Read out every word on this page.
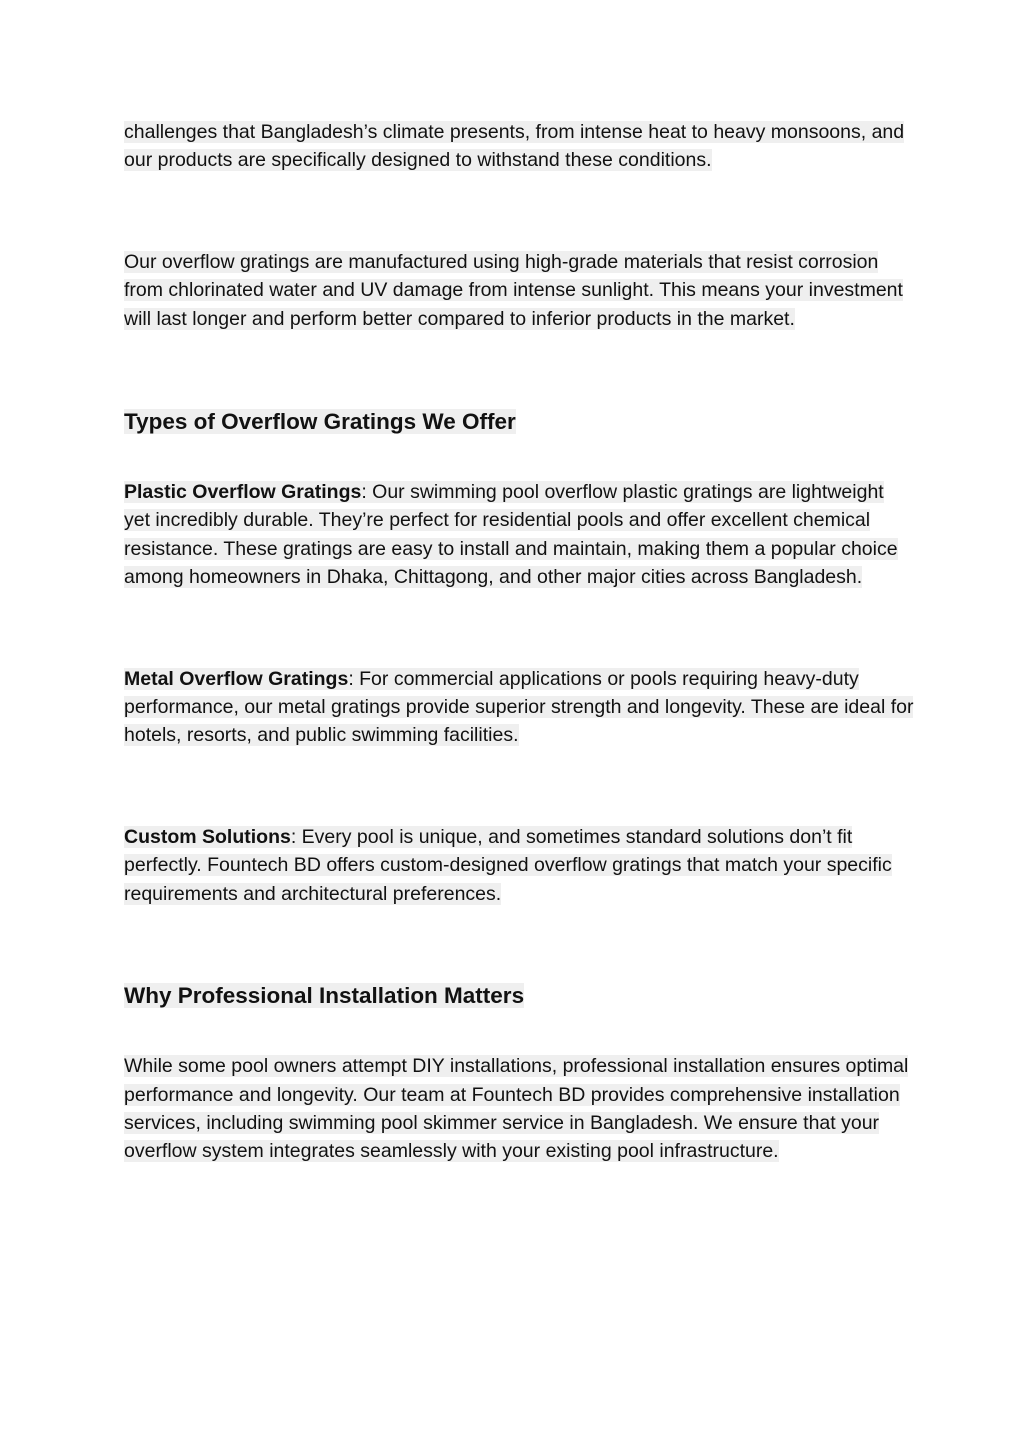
challenges that Bangladesh’s climate presents, from intense heat to heavy monsoons, and our products are specifically designed to withstand these conditions.

Our overflow gratings are manufactured using high-grade materials that resist corrosion from chlorinated water and UV damage from intense sunlight. This means your investment will last longer and perform better compared to inferior products in the market.

Types of Overflow Gratings We Offer

Plastic Overflow Gratings: Our swimming pool overflow plastic gratings are lightweight yet incredibly durable. They’re perfect for residential pools and offer excellent chemical resistance. These gratings are easy to install and maintain, making them a popular choice among homeowners in Dhaka, Chittagong, and other major cities across Bangladesh.

Metal Overflow Gratings: For commercial applications or pools requiring heavy-duty performance, our metal gratings provide superior strength and longevity. These are ideal for hotels, resorts, and public swimming facilities.

Custom Solutions: Every pool is unique, and sometimes standard solutions don’t fit perfectly. Fountech BD offers custom-designed overflow gratings that match your specific requirements and architectural preferences.

Why Professional Installation Matters

While some pool owners attempt DIY installations, professional installation ensures optimal performance and longevity. Our team at Fountech BD provides comprehensive installation services, including swimming pool skimmer service in Bangladesh. We ensure that your overflow system integrates seamlessly with your existing pool infrastructure.
